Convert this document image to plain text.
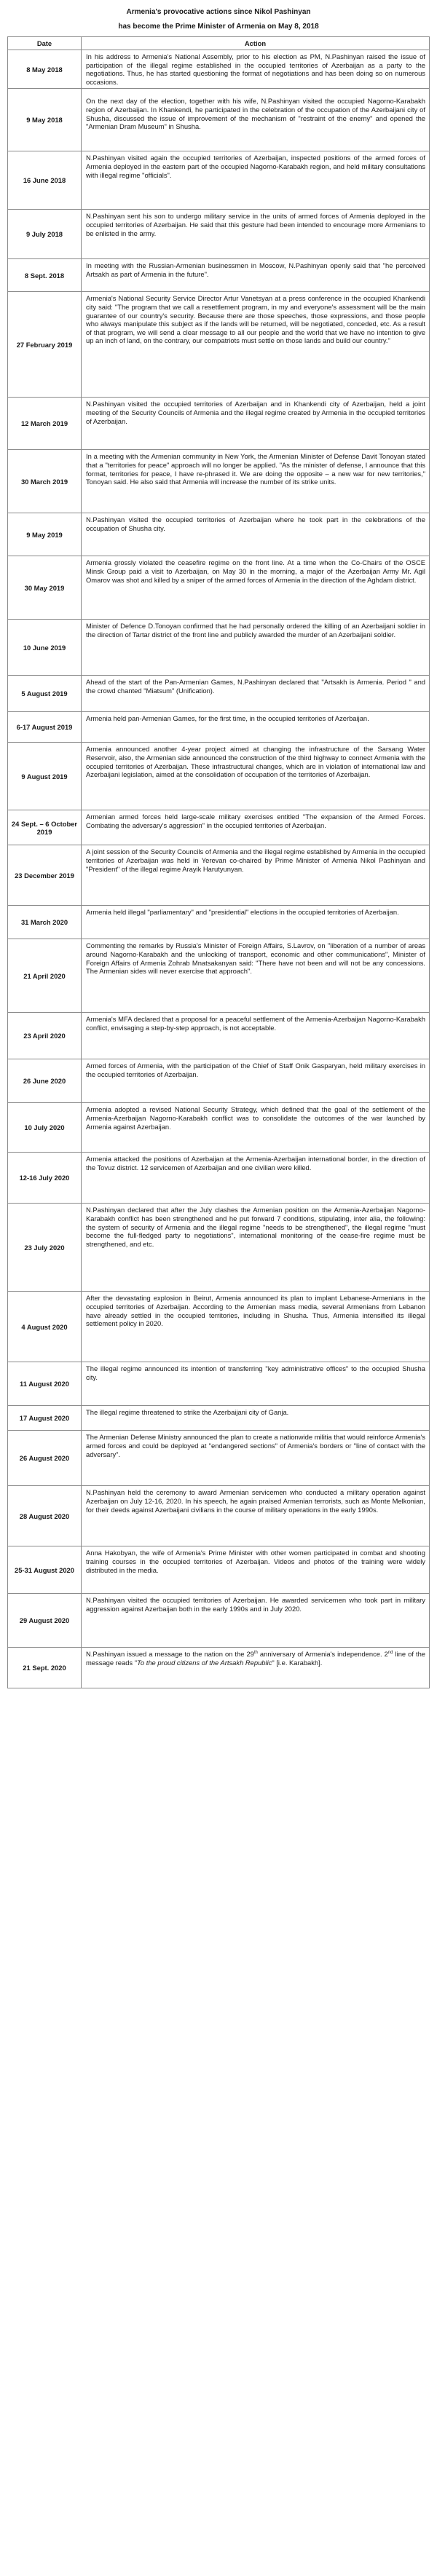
Armenia's provocative actions since Nikol Pashinyan
has become the Prime Minister of Armenia on May 8, 2018
Date	Action
8 May 2018	In his address to Armenia's National Assembly, prior to his election as PM, N.Pashinyan raised the issue of participation of the illegal regime established in the occupied territories of Azerbaijan as a party to the negotiations. Thus, he has started questioning the format of negotiations and has been doing so on numerous occasions.
9 May 2018	On the next day of the election, together with his wife, N.Pashinyan visited the occupied Nagorno-Karabakh region of Azerbaijan. In Khankendi, he participated in the celebration of the occupation of the Azerbaijani city of Shusha, discussed the issue of improvement of the mechanism of "restraint of the enemy" and opened the "Armenian Dram Museum" in Shusha.
16 June 2018	N.Pashinyan visited again the occupied territories of Azerbaijan, inspected positions of the armed forces of Armenia deployed in the eastern part of the occupied Nagorno-Karabakh region, and held military consultations with illegal regime "officials".
9 July 2018	N.Pashinyan sent his son to undergo military service in the units of armed forces of Armenia deployed in the occupied territories of Azerbaijan. He said that this gesture had been intended to encourage more Armenians to be enlisted in the army.
8 Sept. 2018	In meeting with the Russian-Armenian businessmen in Moscow, N.Pashinyan openly said that "he perceived Artsakh as part of Armenia in the future".
27 February 2019	Armenia's National Security Service Director Artur Vanetsyan at a press conference in the occupied Khankendi city said: "The program that we call a resettlement program, in my and everyone's assessment will be the main guarantee of our country's security. Because there are those speeches, those expressions, and those people who always manipulate this subject as if the lands will be returned, will be negotiated, conceded, etc. As a result of that program, we will send a clear message to all our people and the world that we have no intention to give up an inch of land, on the contrary, our compatriots must settle on those lands and build our country."
12 March 2019	N.Pashinyan visited the occupied territories of Azerbaijan and in Khankendi city of Azerbaijan, held a joint meeting of the Security Councils of Armenia and the illegal regime created by Armenia in the occupied territories of Azerbaijan.
30 March 2019	In a meeting with the Armenian community in New York, the Armenian Minister of Defense Davit Tonoyan stated that a "territories for peace" approach will no longer be applied. "As the minister of defense, I announce that this format, territories for peace, I have re-phrased it. We are doing the opposite – a new war for new territories," Tonoyan said. He also said that Armenia will increase the number of its strike units.
9 May 2019	N.Pashinyan visited the occupied territories of Azerbaijan where he took part in the celebrations of the occupation of Shusha city.
30 May 2019	Armenia grossly violated the ceasefire regime on the front line. At a time when the Co-Chairs of the OSCE Minsk Group paid a visit to Azerbaijan, on May 30 in the morning, a major of the Azerbaijan Army Mr. Agil Omarov was shot and killed by a sniper of the armed forces of Armenia in the direction of the Aghdam district.
10 June 2019	Minister of Defence D.Tonoyan confirmed that he had personally ordered the killing of an Azerbaijani soldier in the direction of Tartar district of the front line and publicly awarded the murder of an Azerbaijani soldier.
5 August 2019	Ahead of the start of the Pan-Armenian Games, N.Pashinyan declared that "Artsakh is Armenia. Period " and the crowd chanted "Miatsum" (Unification).
6-17 August 2019	Armenia held pan-Armenian Games, for the first time, in the occupied territories of Azerbaijan.
9 August 2019	Armenia announced another 4-year project aimed at changing the infrastructure of the Sarsang Water Reservoir, also, the Armenian side announced the construction of the third highway to connect Armenia with the occupied territories of Azerbaijan. These infrastructural changes, which are in violation of international law and Azerbaijani legislation, aimed at the consolidation of occupation of the territories of Azerbaijan.
24 Sept. – 6 October 2019	Armenian armed forces held large-scale military exercises entitled "The expansion of the Armed Forces. Combating the adversary's aggression" in the occupied territories of Azerbaijan.
23 December 2019	A joint session of the Security Councils of Armenia and the illegal regime established by Armenia in the occupied territories of Azerbaijan was held in Yerevan co-chaired by Prime Minister of Armenia Nikol Pashinyan and "President" of the illegal regime Arayik Harutyunyan.
31 March 2020	Armenia held illegal "parliamentary" and "presidential" elections in the occupied territories of Azerbaijan.
21 April 2020	Commenting the remarks by Russia's Minister of Foreign Affairs, S.Lavrov, on "liberation of a number of areas around Nagorno-Karabakh and the unlocking of transport, economic and other communications", Minister of Foreign Affairs of Armenia Zohrab Mnatsakanyan said: "There have not been and will not be any concessions. The Armenian sides will never exercise that approach".
23 April 2020	Armenia's MFA declared that a proposal for a peaceful settlement of the Armenia-Azerbaijan Nagorno-Karabakh conflict, envisaging a step-by-step approach, is not acceptable.
26 June 2020	Armed forces of Armenia, with the participation of the Chief of Staff Onik Gasparyan, held military exercises in the occupied territories of Azerbaijan.
10 July 2020	Armenia adopted a revised National Security Strategy, which defined that the goal of the settlement of the Armenia-Azerbaijan Nagorno-Karabakh conflict was to consolidate the outcomes of the war launched by Armenia against Azerbaijan.
12-16 July 2020	Armenia attacked the positions of Azerbaijan at the Armenia-Azerbaijan international border, in the direction of the Tovuz district. 12 servicemen of Azerbaijan and one civilian were killed.
23 July 2020	N.Pashinyan declared that after the July clashes the Armenian position on the Armenia-Azerbaijan Nagorno-Karabakh conflict has been strengthened and he put forward 7 conditions, stipulating, inter alia, the following: the system of security of Armenia and the illegal regime "needs to be strengthened", the illegal regime "must become the full-fledged party to negotiations", international monitoring of the cease-fire regime must be strengthened, and etc.
4 August 2020	After the devastating explosion in Beirut, Armenia announced its plan to implant Lebanese-Armenians in the occupied territories of Azerbaijan. According to the Armenian mass media, several Armenians from Lebanon have already settled in the occupied territories, including in Shusha. Thus, Armenia intensified its illegal settlement policy in 2020.
11 August 2020	The illegal regime announced its intention of transferring "key administrative offices" to the occupied Shusha city.
17 August 2020	The illegal regime threatened to strike the Azerbaijani city of Ganja.
26 August 2020	The Armenian Defense Ministry announced the plan to create a nationwide militia that would reinforce Armenia's armed forces and could be deployed at "endangered sections" of Armenia's borders or "line of contact with the adversary".
28 August 2020	N.Pashinyan held the ceremony to award Armenian servicemen who conducted a military operation against Azerbaijan on July 12-16, 2020. In his speech, he again praised Armenian terrorists, such as Monte Melkonian, for their deeds against Azerbaijani civilians in the course of military operations in the early 1990s.
25-31 August 2020	Anna Hakobyan, the wife of Armenia's Prime Minister with other women participated in combat and shooting training courses in the occupied territories of Azerbaijan. Videos and photos of the training were widely distributed in the media.
29 August 2020	N.Pashinyan visited the occupied territories of Azerbaijan. He awarded servicemen who took part in military aggression against Azerbaijan both in the early 1990s and in July 2020.
21 Sept. 2020	N.Pashinyan issued a message to the nation on the 29th anniversary of Armenia's independence. 2nd line of the message reads "To the proud citizens of the Artsakh Republic" [i.e. Karabakh].
